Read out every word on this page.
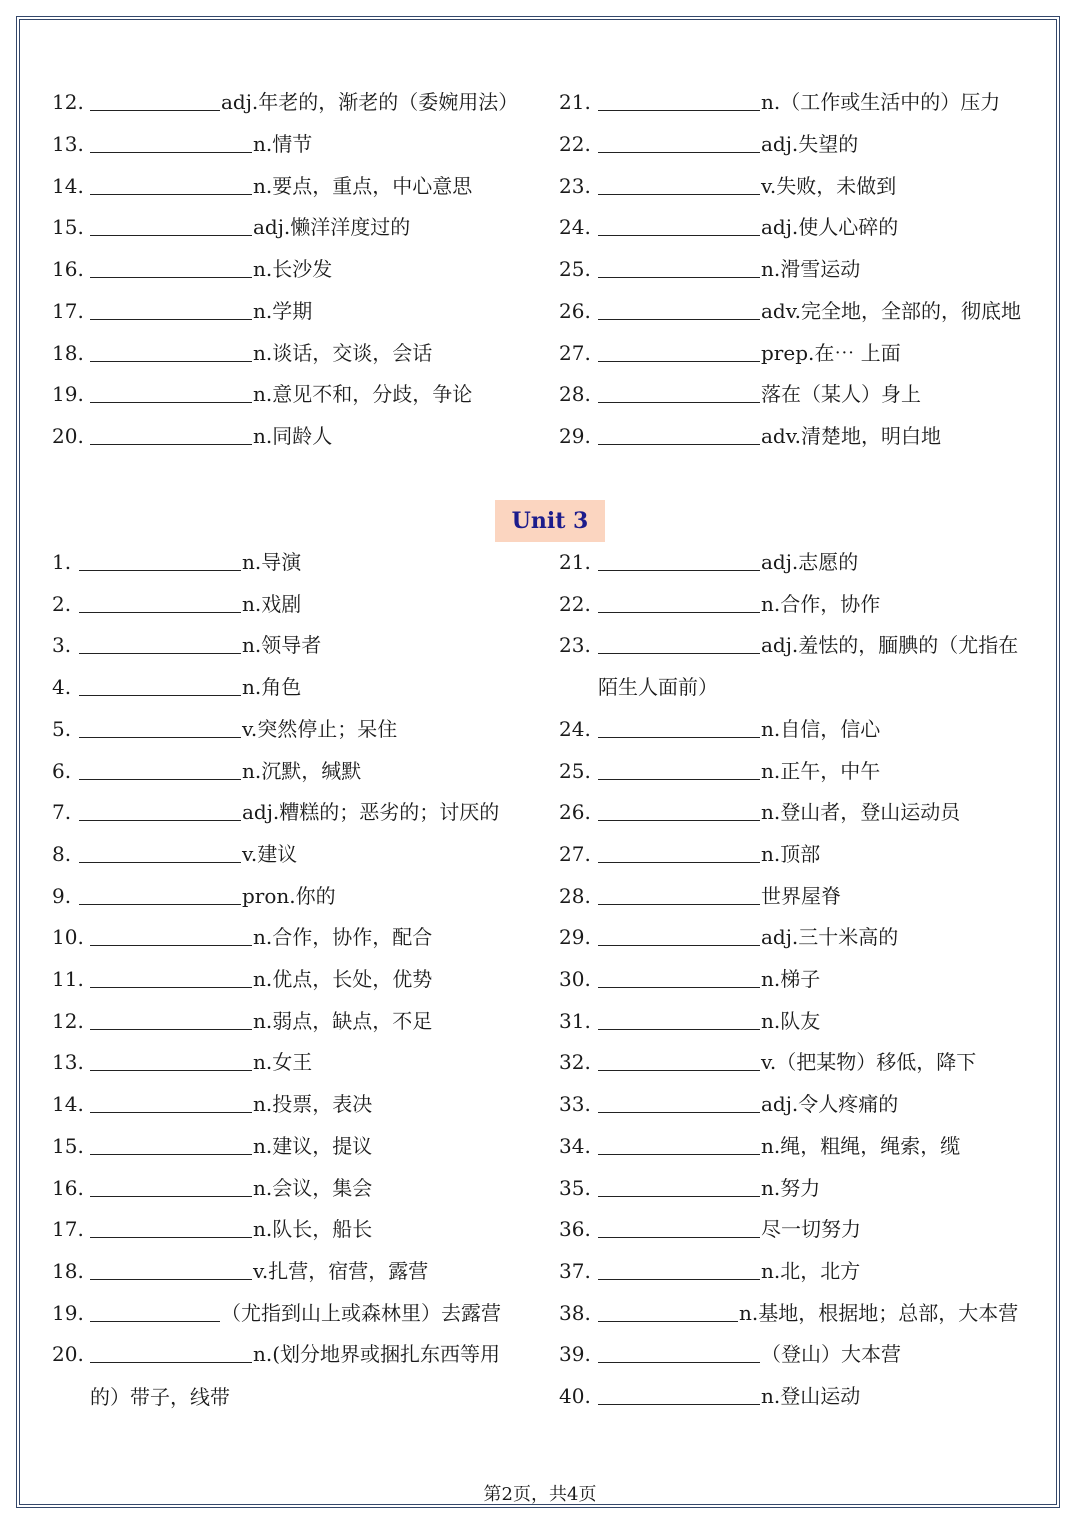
12.	adj.年老的，渐老的（委婉用法）
13.	n.情节
14.	n.要点，重点，中心意思
15.	adj.懒洋洋度过的
16.	n.长沙发
17.	n.学期
18.	n.谈话，交谈，会话
19.	n.意见不和，分歧，争论
20.	n.同龄人
21.	n.（工作或生活中的）压力
22.	adj.失望的
23.	v.失败，未做到
24.	adj.使人心碎的
25.	n.滑雪运动
26.	adv.完全地，全部的，彻底地
27.	prep.在⋯ 上面
28.	落在（某人）身上
29.	adv.清楚地，明白地
1.	n.导演
2.	n.戏剧
3.	n.领导者
4.	n.角色
5.	v.突然停止；呆住
6.	n.沉默，缄默
7.	adj.糟糕的；恶劣的；讨厌的
8.	v.建议
9.	pron.你的
10.	n.合作，协作，配合
11.	n.优点，长处，优势
12.	n.弱点，缺点，不足
13.	n.女王
14.	n.投票，表决
15.	n.建议，提议
16.	n.会议，集会
17.	n.队长，船长
18.	v.扎营，宿营，露营
19.	（尤指到山上或森林里）去露营
20.	n.(划分地界或捆扎东西等用
21.	adj.志愿的
22.	n.合作，协作
23.	adj.羞怯的，腼腆的（尤指在
24.	n.自信，信心
25.	n.正午，中午
26.	n.登山者，登山运动员
27.	n.顶部
28.	世界屋脊
29.	adj.三十米高的
30.	n.梯子
31.	n.队友
32.	v.（把某物）移低，降下
33.	adj.令人疼痛的
34.	n.绳，粗绳，绳索，缆
35.	n.努力
36.	尽一切努力
37.	n.北，北方
38.	n.基地，根据地；总部，大本营
39.	（登山）大本营
40.	n.登山运动
Unit 3
的）带子，线带
陌生人面前）
第2页，共4页
